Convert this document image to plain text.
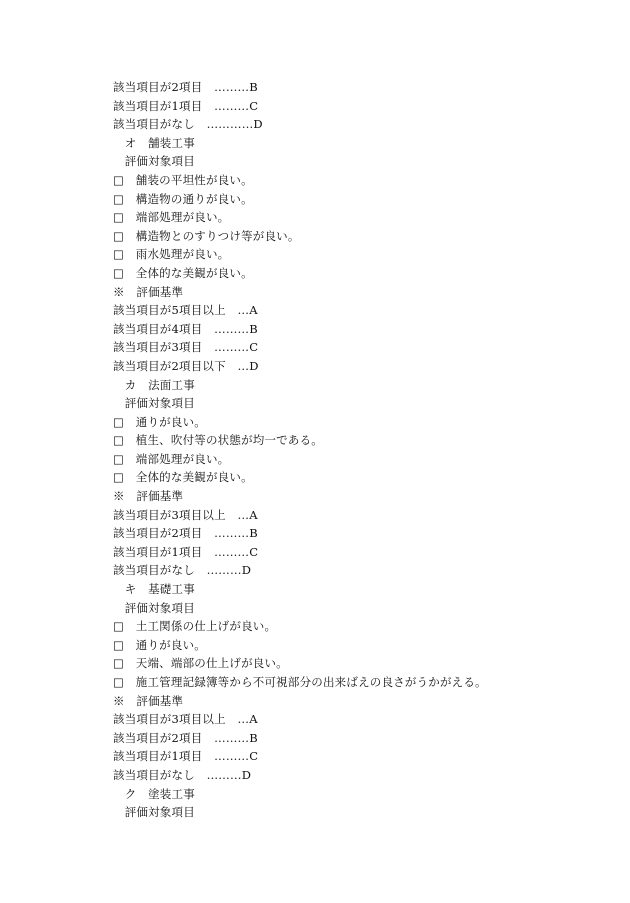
該当項目が2項目　………B
該当項目が1項目　………C
該当項目がなし　…………D
　オ　舗装工事
　評価対象項目
□　舗装の平坦性が良い。
□　構造物の通りが良い。
□　端部処理が良い。
□　構造物とのすりつけ等が良い。
□　雨水処理が良い。
□　全体的な美観が良い。
※　評価基準
該当項目が5項目以上　…A
該当項目が4項目　………B
該当項目が3項目　………C
該当項目が2項目以下　…D
　カ　法面工事
　評価対象項目
□　通りが良い。
□　植生、吹付等の状態が均一である。
□　端部処理が良い。
□　全体的な美観が良い。
※　評価基準
該当項目が3項目以上　…A
該当項目が2項目　………B
該当項目が1項目　………C
該当項目がなし　………D
　キ　基礎工事
　評価対象項目
□　土工関係の仕上げが良い。
□　通りが良い。
□　天端、端部の仕上げが良い。
□　施工管理記録簿等から不可視部分の出来ばえの良さがうかがえる。
※　評価基準
該当項目が3項目以上　…A
該当項目が2項目　………B
該当項目が1項目　………C
該当項目がなし　………D
　ク　塗装工事
　評価対象項目
